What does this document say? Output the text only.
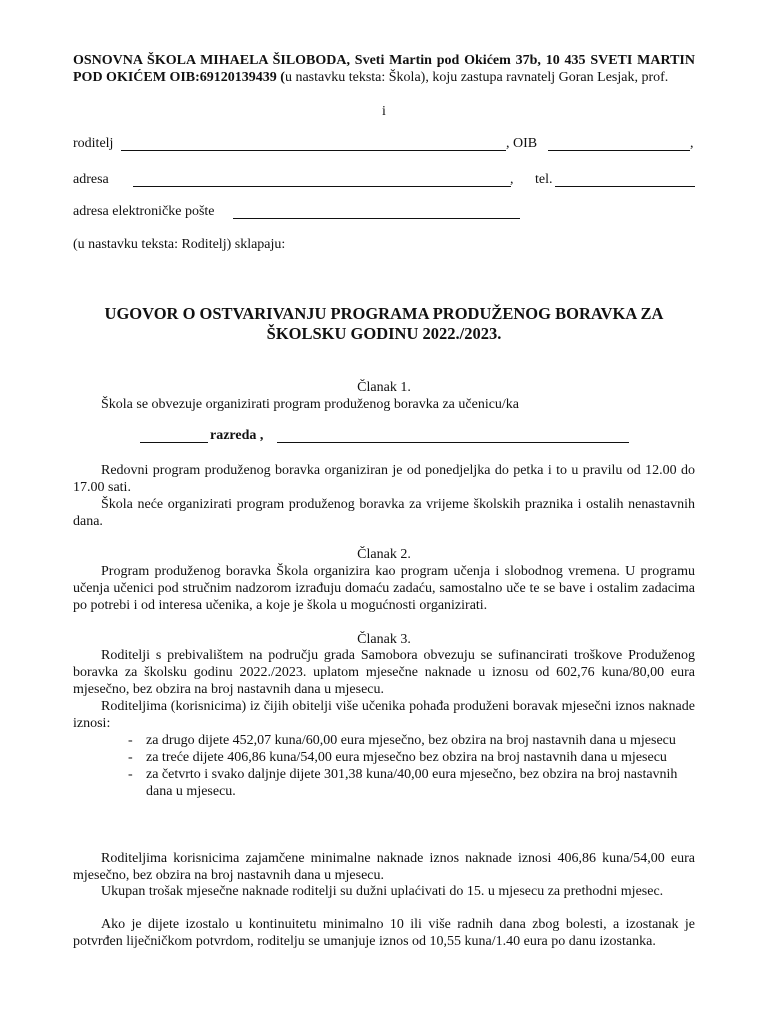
OSNOVNA ŠKOLA MIHAELA ŠILOBODA, Sveti Martin pod Okićem 37b, 10 435 SVETI MARTIN POD OKIĆEM OIB:69120139439 (u nastavku teksta: Škola), koju zastupa ravnatelj Goran Lesjak, prof.
i
roditelj	, OIB	,
adresa	, tel.
adresa elektroničke pošte
(u nastavku teksta: Roditelj) sklapaju:
UGOVOR O OSTVARIVANJU PROGRAMA PRODUŽENOG BORAVKA ZA
ŠKOLSKU GODINU 2022./2023.
Članak 1.
Škola se obvezuje organizirati program produženog boravka za učenicu/ka
razreda ,
Redovni program produženog boravka organiziran je od ponedjeljka do petka i to u pravilu od 12.00 do 17.00 sati.
Škola neće organizirati program produženog boravka za vrijeme školskih praznika i ostalih nenastavnih dana.
Članak 2.
Program produženog boravka Škola organizira kao program učenja i slobodnog vremena. U programu učenja učenici pod stručnim nadzorom izrađuju domaću zadaću, samostalno uče te se bave i ostalim zadacima po potrebi i od interesa učenika, a koje je škola u mogućnosti organizirati.
Članak 3.
Roditelji s prebivalištem na području grada Samobora obvezuju se sufinancirati troškove Produženog boravka za školsku godinu 2022./2023. uplatom mjesečne naknade u iznosu od 602,76 kuna/80,00 eura mjesečno, bez obzira na broj nastavnih dana u mjesecu.
Roditeljima (korisnicima) iz čijih obitelji više učenika pohađa produženi boravak mjesečni iznos naknade iznosi:
- za drugo dijete 452,07 kuna/60,00 eura mjesečno, bez obzira na broj nastavnih dana u mjesecu
- za treće dijete 406,86 kuna/54,00 eura mjesečno bez obzira na broj nastavnih dana u mjesecu
- za četvrto i svako daljnje dijete 301,38 kuna/40,00 eura mjesečno, bez obzira na broj nastavnih dana u mjesecu.
Roditeljima korisnicima zajamčene minimalne naknade iznos naknade iznosi 406,86 kuna/54,00 eura mjesečno, bez obzira na broj nastavnih dana u mjesecu.
Ukupan trošak mjesečne naknade roditelji su dužni uplaćivati do 15. u mjesecu za prethodni mjesec.
Ako je dijete izostalo u kontinuitetu minimalno 10 ili više radnih dana zbog bolesti, a izostanak je potvrđen liječničkom potvrdom, roditelju se umanjuje iznos od 10,55 kuna/1.40 eura po danu izostanka.
